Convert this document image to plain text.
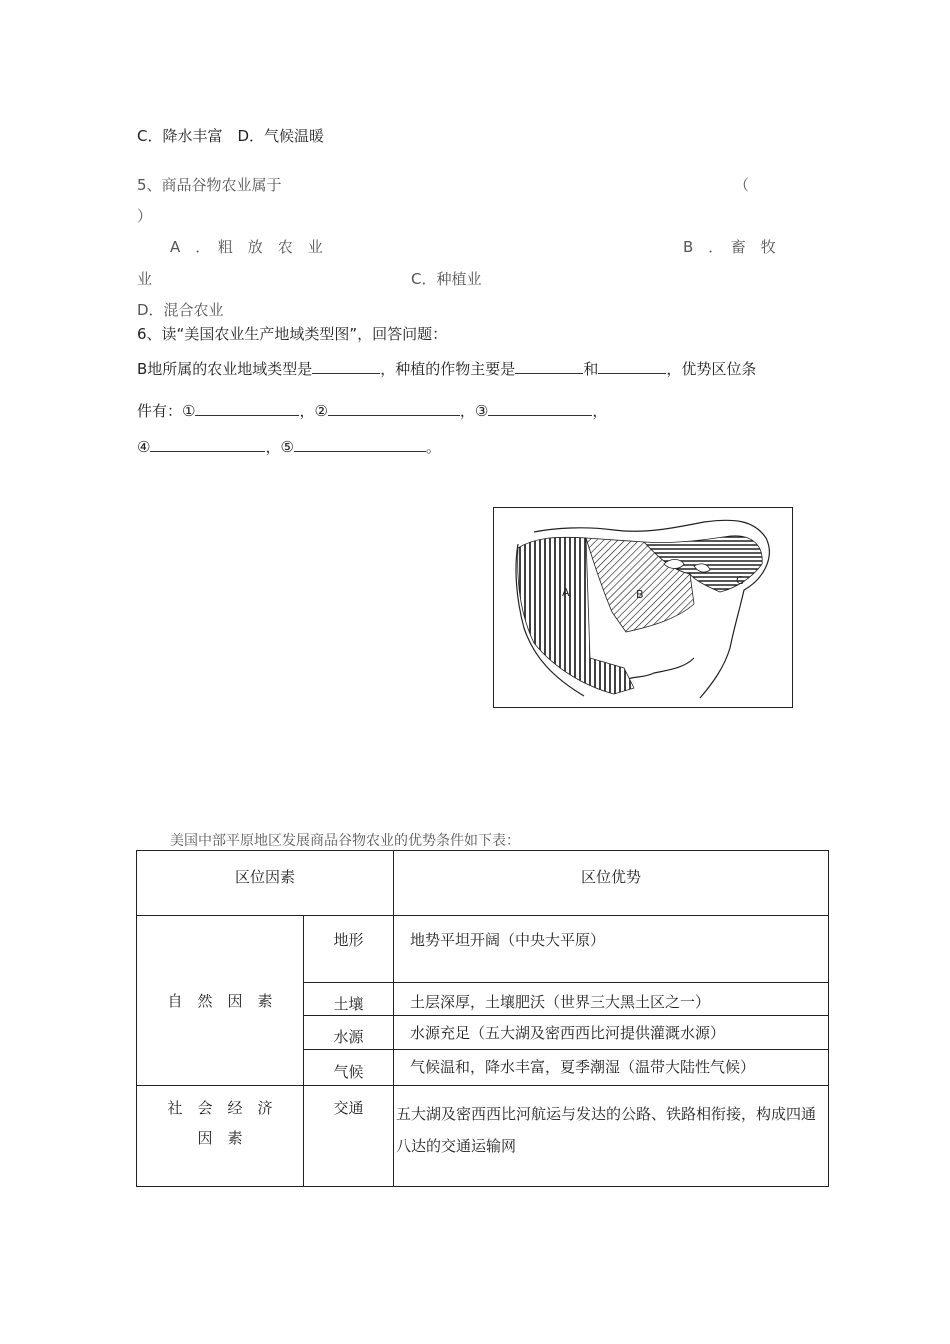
C．降水丰富　D．气候温暖
5、商品谷物农业属于	（
）
A　．　粗　放　农　业	B　．　畜　牧
业	C．种植业
D．混合农业
6、读“美国农业生产地域类型图”，回答问题：
B地所属的农业地域类型是	，种植的作物主要是	和	，优势区位条
件有：①	，②	，③	，
④	，⑤	。
A	B
C
美国中部平原地区发展商品谷物农业的优势条件如下表：
区位因素		区位优势
自　然　因　素	地形	地势平坦开阔（中央大平原）
	土壤	土层深厚，土壤肥沃（世界三大黑土区之一）
	水源	水源充足（五大湖及密西西比河提供灌溉水源）
	气候	气候温和，降水丰富，夏季潮湿（温带大陆性气候）

社　会　经　济
因　素	交通	五大湖及密西西比河航运与发达的公路、铁路相衔接，构成四通八达的交通运输网
